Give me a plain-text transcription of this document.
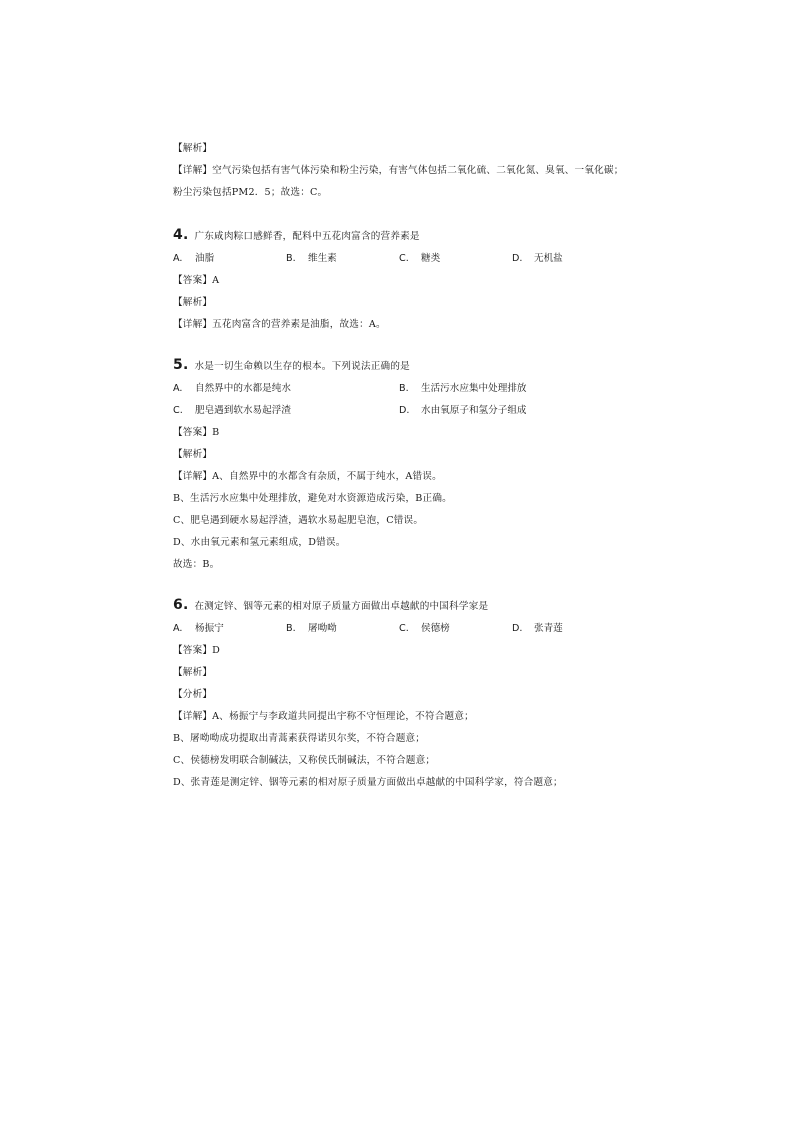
【解析】
【详解】空气污染包括有害气体污染和粉尘污染，有害气体包括二氧化硫、二氧化氮、臭氧、一氧化碳；
粉尘污染包括PM2．5；故选：C。
4. 广东咸肉粽口感鲜香，配料中五花肉富含的营养素是
A. 油脂	B. 维生素	C. 糖类	D. 无机盐
【答案】A
【解析】
【详解】五花肉富含的营养素是油脂，故选：A。
5. 水是一切生命赖以生存的根本。下列说法正确的是
A. 自然界中的水都是纯水	B. 生活污水应集中处理排放
C. 肥皂遇到软水易起浮渣	D. 水由氧原子和氢分子组成
【答案】B
【解析】
【详解】A、自然界中的水都含有杂质，不属于纯水，A错误。
B、生活污水应集中处理排放，避免对水资源造成污染，B正确。
C、肥皂遇到硬水易起浮渣，遇软水易起肥皂泡，C错误。
D、水由氧元素和氢元素组成，D错误。
故选：B。
6. 在测定锌、铟等元素的相对原子质量方面做出卓越献的中国科学家是
A. 杨振宁	B. 屠呦呦	C. 侯德榜	D. 张青莲
【答案】D
【解析】
【分析】
【详解】A、杨振宁与李政道共同提出宇称不守恒理论，不符合题意；
B、屠呦呦成功提取出青蒿素获得诺贝尔奖，不符合题意；
C、侯德榜发明联合制碱法，又称侯氏制碱法，不符合题意；
D、张青莲是测定锌、铟等元素的相对原子质量方面做出卓越献的中国科学家，符合题意；
